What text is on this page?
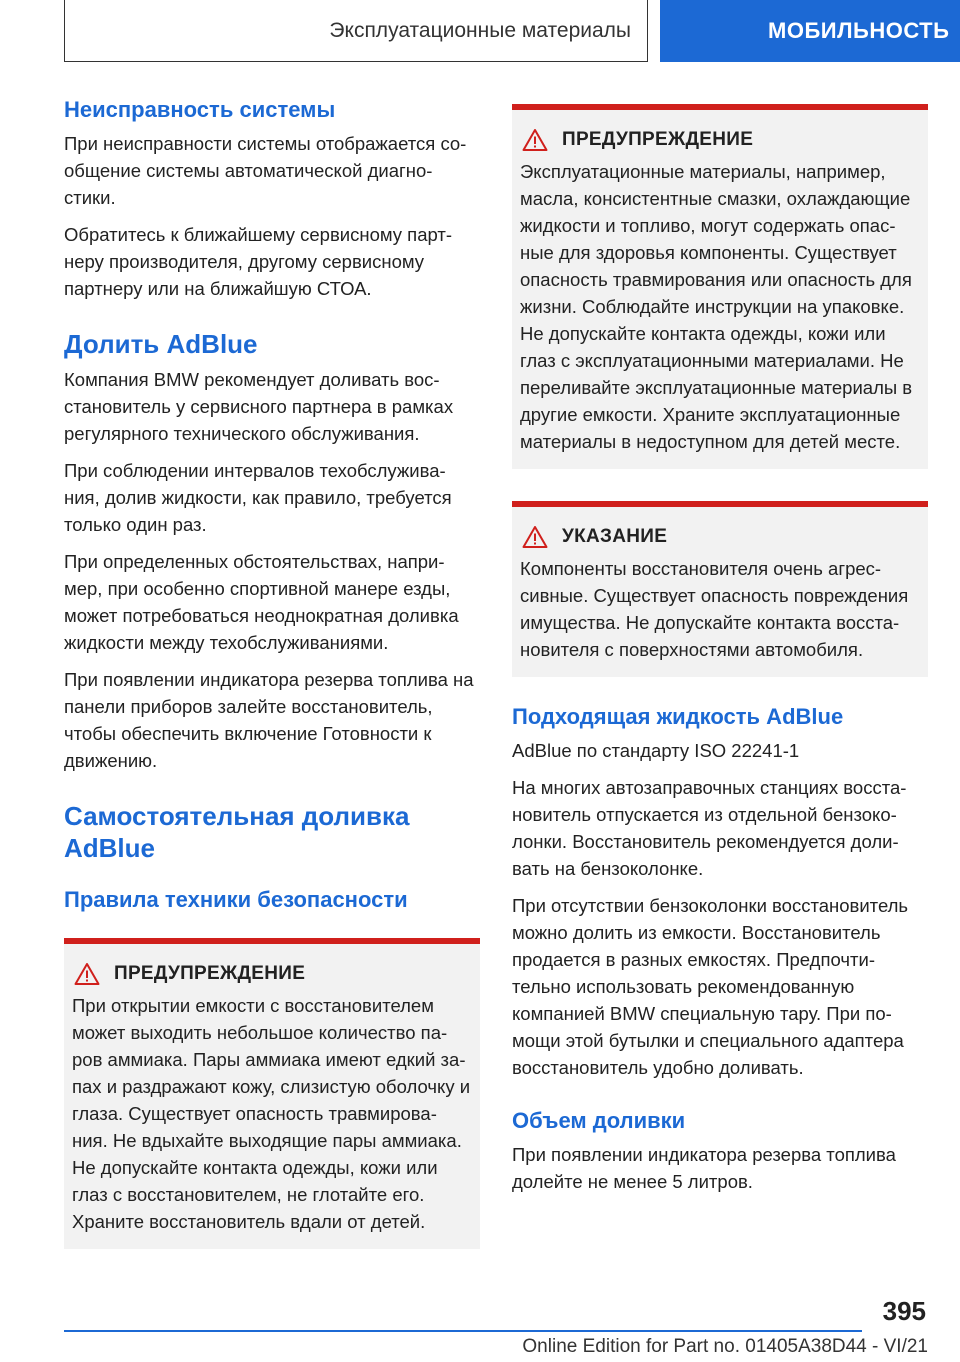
Эксплуатационные материалы	МОБИЛЬНОСТЬ
Неисправность системы

При неисправности системы отображается со-общение системы автоматической диагно-стики.

Обратитесь к ближайшему сервисному парт-неру производителя, другому сервисному партнеру или на ближайшую СТОА.

Долить AdBlue

Компания BMW рекомендует доливать вос-становитель у сервисного партнера в рамках регулярного технического обслуживания.

При соблюдении интервалов техобслужива-ния, долив жидкости, как правило, требуется только один раз.

При определенных обстоятельствах, напри-мер, при особенно спортивной манере езды, может потребоваться неоднократная доливка жидкости между техобслуживаниями.

При появлении индикатора резерва топлива на панели приборов залейте восстановитель, чтобы обеспечить включение Готовности к движению.

Самостоятельная доливка AdBlue
Правила техники безопасности
ПРЕДУПРЕЖДЕНИЕ

При открытии емкости с восстановителем может выходить небольшое количество па-ров аммиака. Пары аммиака имеют едкий за-пах и раздражают кожу, слизистую оболочку и глаза. Существует опасность травмирова-ния. Не вдыхайте выходящие пары аммиака. Не допускайте контакта одежды, кожи или глаз с восстановителем, не глотайте его. Храните восстановитель вдали от детей.

ПРЕДУПРЕЖДЕНИЕ

Эксплуатационные материалы, например, масла, консистентные смазки, охлаждающие жидкости и топливо, могут содержать опас-ные для здоровья компоненты. Существует опасность травмирования или опасность для жизни. Соблюдайте инструкции на упаковке. Не допускайте контакта одежды, кожи или глаз с эксплуатационными материалами. Не переливайте эксплуатационные материалы в другие емкости. Храните эксплуатационные материалы в недоступном для детей месте.

УКАЗАНИЕ

Компоненты восстановителя очень агрес-сивные. Существует опасность повреждения имущества. Не допускайте контакта восста-новителя с поверхностями автомобиля.

Подходящая жидкость AdBlue

AdBlue по стандарту ISO 22241-1

На многих автозаправочных станциях восста-новитель отпускается из отдельной бензоко-лонки. Восстановитель рекомендуется доли-вать на бензоколонке.

При отсутствии бензоколонки восстановитель можно долить из емкости. Восстановитель продается в разных емкостях. Предпочти-тельно использовать рекомендованную компанией BMW специальную тару. При по-мощи этой бутылки и специального адаптера восстановитель удобно доливать.

Объем доливки

При появлении индикатора резерва топлива долейте не менее 5 литров.

395
Online Edition for Part no. 01405A38D44 - VI/21
